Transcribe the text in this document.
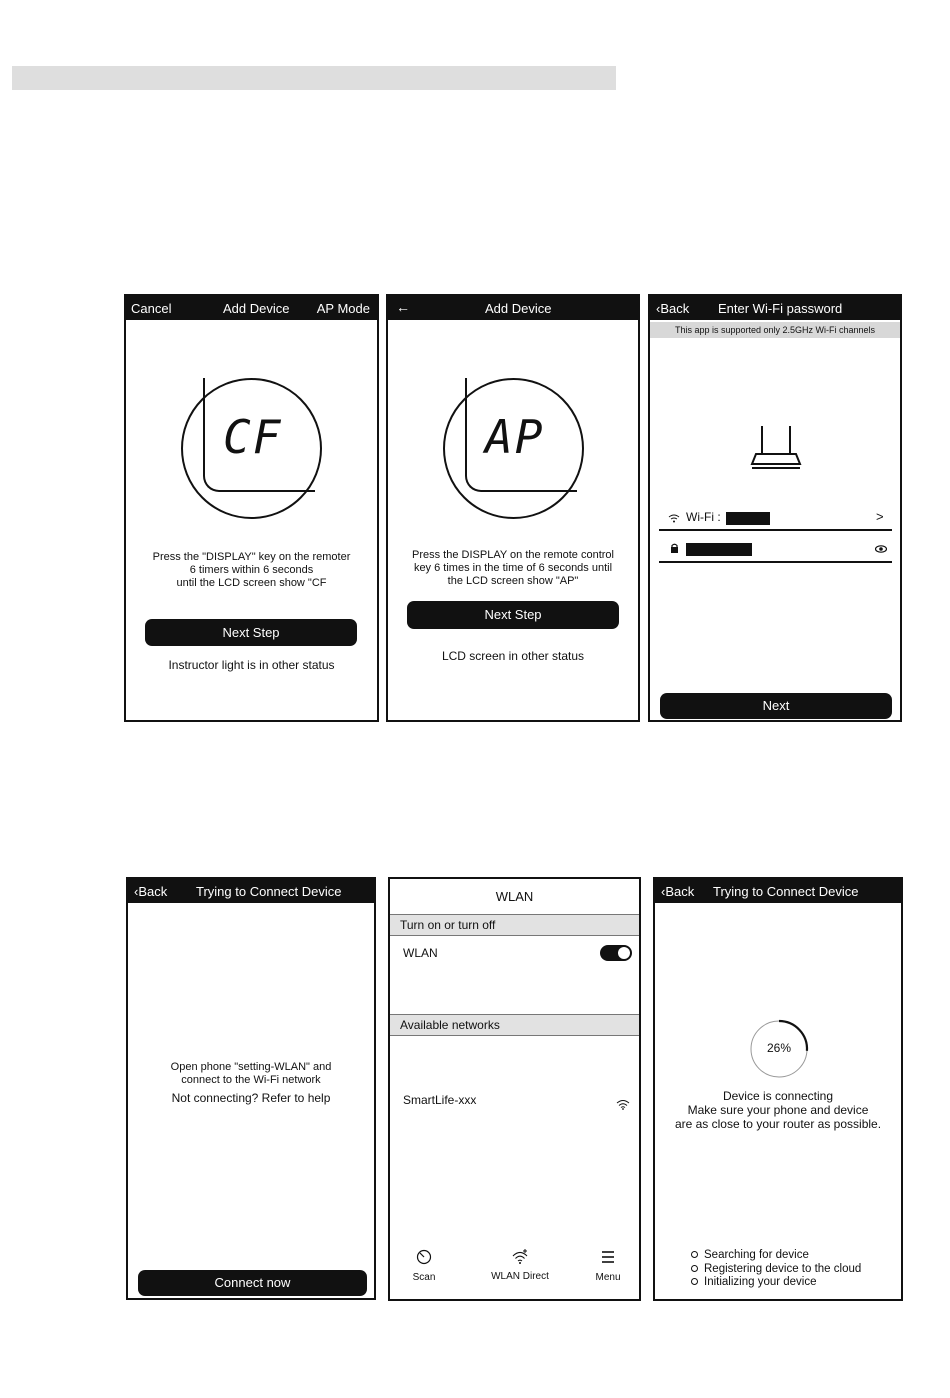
Cancel	Add Device AP Mode
CF
Press the "DISPLAY" key on the remoter
6 timers within 6 seconds
until the LCD screen show "CF
Next Step
Instructor light is in other status
←	Add Device
AP
Press the DISPLAY on the remote control
key 6 times in the time of 6 seconds until
the LCD screen show "AP"
Next Step
LCD screen in other status
‹Back Enter Wi-Fi password
This app is supported only 2.5GHz Wi-Fi channels
Wi-Fi :	>
Next
‹Back Trying to Connect Device
Open phone "setting-WLAN" and
connect to the Wi-Fi network
Not connecting? Refer to help
Connect now
WLAN
Turn on or turn off
WLAN
Available networks
SmartLife-xxx
Scan	WLAN Direct	Menu
‹Back Trying to Connect Device
26%
Device is connecting
Make sure your phone and device
are as close to your router as possible.
Searching for device
Registering device to the cloud
Initializing your device
